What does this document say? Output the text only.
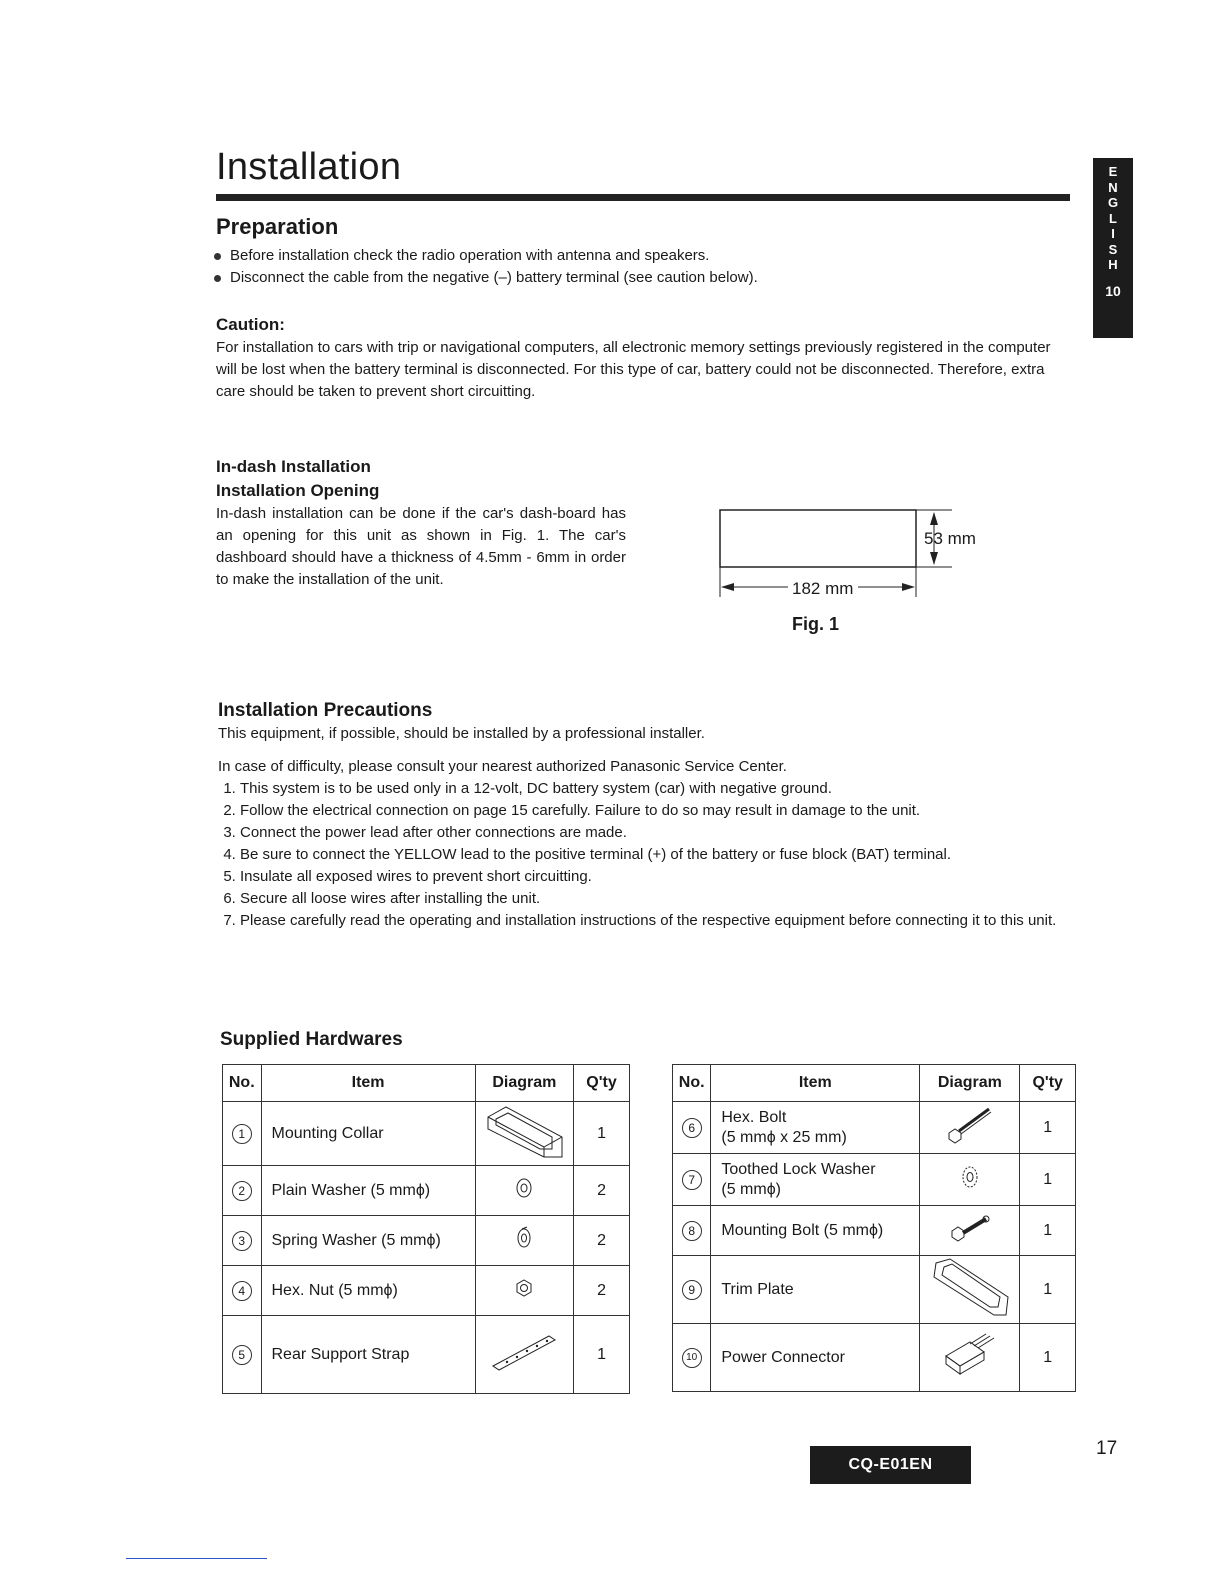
Installation	E
N
G
L
I
S
H
10
Preparation
Before installation check the radio operation with antenna and speakers.
Disconnect the cable from the negative (–) battery terminal (see caution below).
Caution:
For installation to cars with trip or navigational computers, all electronic memory settings previously registered in the computer will be lost when the battery terminal is disconnected. For this type of car, battery could not be disconnected. Therefore, extra care should be taken to prevent short circuitting.
In-dash Installation
Installation Opening
In-dash installation can be done if the car's dash-board has an opening for this unit as shown in Fig. 1. The car's dashboard should have a thickness of 4.5mm - 6mm in order to make the installation of the unit.
53 mm
182 mm
Fig. 1
Installation Precautions
This equipment, if possible, should be installed by a professional installer.
In case of difficulty, please consult your nearest authorized Panasonic Service Center.
1. This system is to be used only in a 12-volt, DC battery system (car) with negative ground.
2. Follow the electrical connection on page 15 carefully. Failure to do so may result in damage to the unit.
3. Connect the power lead after other connections are made.
4. Be sure to connect the YELLOW lead to the positive terminal (+) of the battery or fuse block (BAT) terminal.
5. Insulate all exposed wires to prevent short circuitting.
6. Secure all loose wires after installing the unit.
7. Please carefully read the operating and installation instructions of the respective equipment before connecting it to this unit.
Supplied Hardwares
No.	Item	Diagram	Q'ty
1	Mounting Collar		1
2	Plain Washer (5 mmϕ)		2
3	Spring Washer (5 mmϕ)		2
4	Hex. Nut (5 mmϕ)		2
5	Rear Support Strap		1
No.	Item	Diagram	Q'ty
6	Hex. Bolt
(5 mmϕ x 25 mm)		1
7	Toothed Lock Washer
(5 mmϕ)		1
8	Mounting Bolt (5 mmϕ)		1
9	Trim Plate		1
10	Power Connector		1
CQ-E01EN
17
